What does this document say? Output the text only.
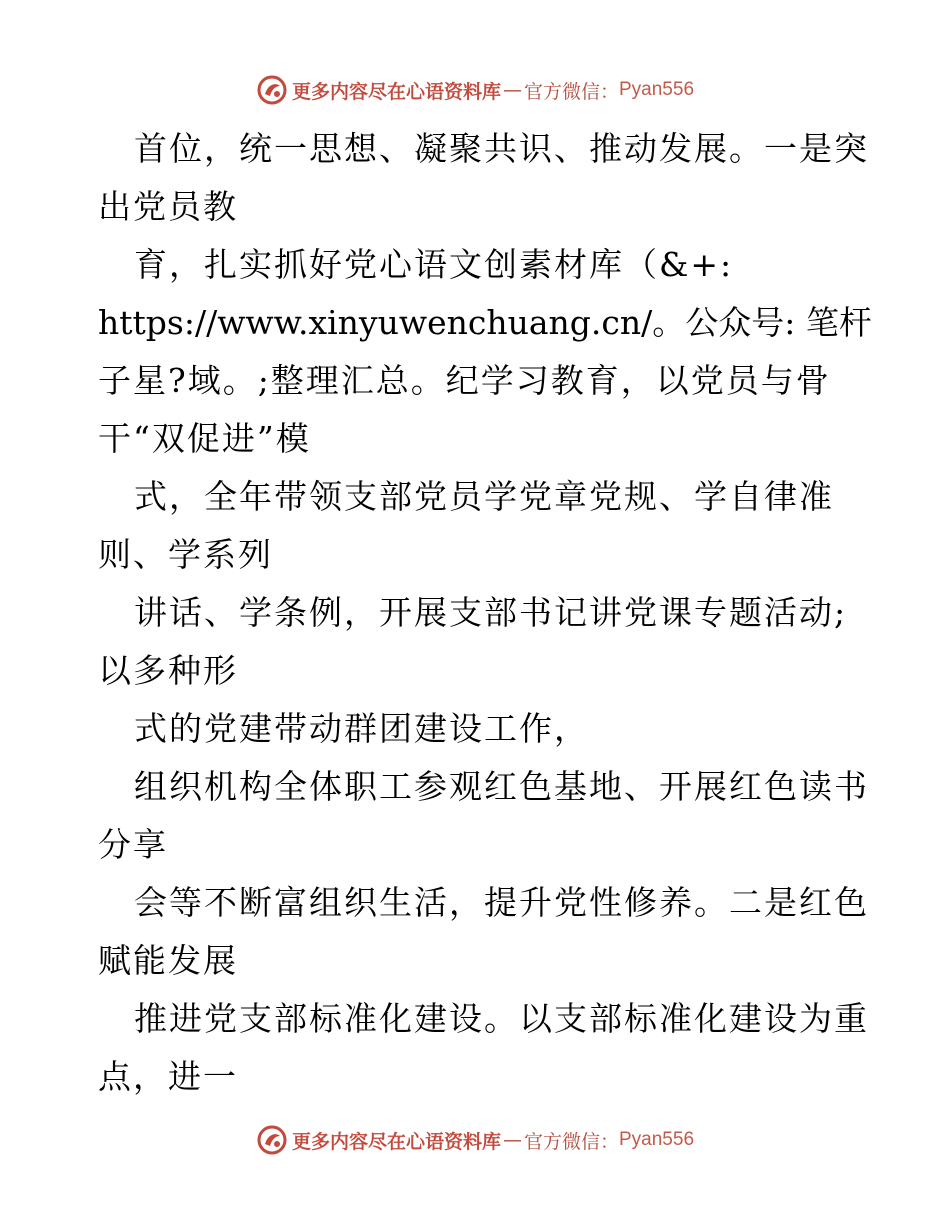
更多内容尽在心语资料库 — 官方微信： Pyan556
首位，统一思想、凝聚共识、推动发展。一是突
出党员教
育，扎实抓好党心语文创素材库（&+:
https://www.xinyuwenchuang.cn/。公众号: 笔杆
子星?域。;整理汇总。纪学习教育，以党员与骨
干“双促进”模
式，全年带领支部党员学党章党规、学自律准
则、学系列
讲话、学条例，开展支部书记讲党课专题活动;
以多种形
式的党建带动群团建设工作，
组织机构全体职工参观红色基地、开展红色读书
分享
会等不断富组织生活，提升党性修养。二是红色
赋能发展
推进党支部标准化建设。以支部标准化建设为重
点，进一
更多内容尽在心语资料库 — 官方微信： Pyan556
